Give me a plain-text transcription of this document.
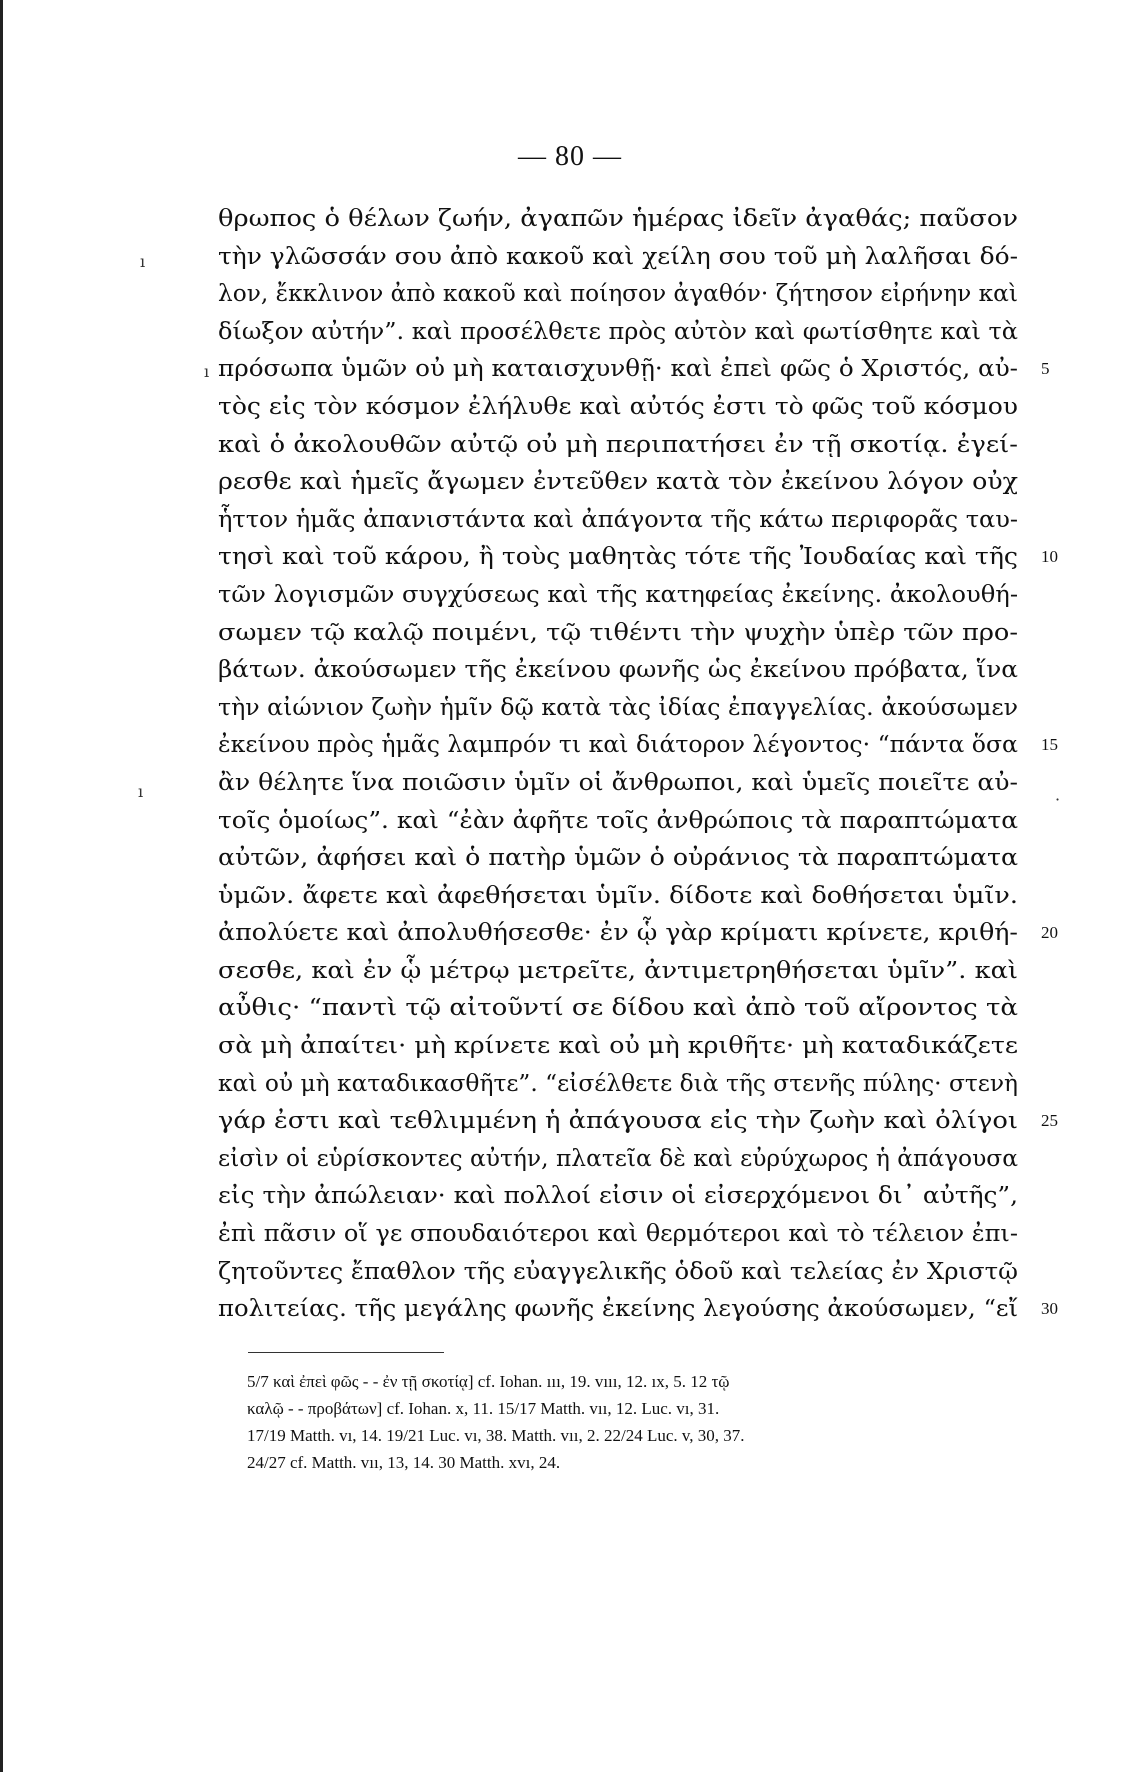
— 80 —
ı
ı
ı	·
θρωπος ὁ θέλων ζωήν, ἀγαπῶν ἡμέρας ἰδεῖν ἀγαθάς; παῦσον
τὴν γλῶσσάν σου ἀπὸ κακοῦ καὶ χείλη σου τοῦ μὴ λαλῆσαι δό-
λον, ἔκκλινον ἀπὸ κακοῦ καὶ ποίησον ἀγαθόν· ζήτησον εἰρήνην καὶ
δίωξον αὐτήν”. καὶ προσέλθετε πρὸς αὐτὸν καὶ φωτίσθητε καὶ τὰ
πρόσωπα ὑμῶν οὐ μὴ καταισχυνθῇ· καὶ ἐπεὶ φῶς ὁ Χριστός, αὐ- 5
τὸς εἰς τὸν κόσμον ἐλήλυθε καὶ αὐτός ἐστι τὸ φῶς τοῦ κόσμου
καὶ ὁ ἀκολουθῶν αὐτῷ οὐ μὴ περιπατήσει ἐν τῇ σκοτίᾳ. ἐγεί-
ρεσθε καὶ ἡμεῖς ἄγωμεν ἐντεῦθεν κατὰ τὸν ἐκείνου λόγον οὐχ
ἧττον ἡμᾶς ἀπανιστάντα καὶ ἀπάγοντα τῆς κάτω περιφορᾶς ταυ-
τησὶ καὶ τοῦ κάρου, ἢ τοὺς μαθητὰς τότε τῆς Ἰουδαίας καὶ τῆς 10
τῶν λογισμῶν συγχύσεως καὶ τῆς κατηφείας ἐκείνης. ἀκολουθή-
σωμεν τῷ καλῷ ποιμένι, τῷ τιθέντι τὴν ψυχὴν ὑπὲρ τῶν προ-
βάτων. ἀκούσωμεν τῆς ἐκείνου φωνῆς ὡς ἐκείνου πρόβατα, ἵνα
τὴν αἰώνιον ζωὴν ἡμῖν δῷ κατὰ τὰς ἰδίας ἐπαγγελίας. ἀκούσωμεν
ἐκείνου πρὸς ἡμᾶς λαμπρόν τι καὶ διάτορον λέγοντος· “πάντα ὅσα 15
ἂν θέλητε ἵνα ποιῶσιν ὑμῖν οἱ ἄνθρωποι, καὶ ὑμεῖς ποιεῖτε αὐ-
τοῖς ὁμοίως”. καὶ “ἐὰν ἀφῆτε τοῖς ἀνθρώποις τὰ παραπτώματα
αὐτῶν, ἀφήσει καὶ ὁ πατὴρ ὑμῶν ὁ οὐράνιος τὰ παραπτώματα
ὑμῶν. ἄφετε καὶ ἀφεθήσεται ὑμῖν. δίδοτε καὶ δοθήσεται ὑμῖν.
ἀπολύετε καὶ ἀπολυθήσεσθε· ἐν ᾧ γὰρ κρίματι κρίνετε, κριθή- 20
σεσθε, καὶ ἐν ᾧ μέτρῳ μετρεῖτε, ἀντιμετρηθήσεται ὑμῖν”. καὶ
αὖθις· “παντὶ τῷ αἰτοῦντί σε δίδου καὶ ἀπὸ τοῦ αἴροντος τὰ
σὰ μὴ ἀπαίτει· μὴ κρίνετε καὶ οὐ μὴ κριθῆτε· μὴ καταδικάζετε
καὶ οὐ μὴ καταδικασθῆτε”. “εἰσέλθετε διὰ τῆς στενῆς πύλης· στενὴ
γάρ ἐστι καὶ τεθλιμμένη ἡ ἀπάγουσα εἰς τὴν ζωὴν καὶ ὀλίγοι 25
εἰσὶν οἱ εὑρίσκοντες αὐτήν, πλατεῖα δὲ καὶ εὐρύχωρος ἡ ἀπάγουσα
εἰς τὴν ἀπώλειαν· καὶ πολλοί εἰσιν οἱ εἰσερχόμενοι δι᾽ αὐτῆς”,
ἐπὶ πᾶσιν οἵ γε σπουδαιότεροι καὶ θερμότεροι καὶ τὸ τέλειον ἐπι-
ζητοῦντες ἔπαθλον τῆς εὐαγγελικῆς ὁδοῦ καὶ τελείας ἐν Χριστῷ
πολιτείας. τῆς μεγάλης φωνῆς ἐκείνης λεγούσης ἀκούσωμεν, “εἴ 30
5/7 καὶ ἐπεὶ φῶς - - ἐν τῇ σκοτίᾳ] cf. Iohan. ııı, 19. vııı, 12. ıx, 5. 12 τῷ
καλῷ - - προβάτων] cf. Iohan. x, 11. 15/17 Matth. vıı, 12. Luc. vı, 31.
17/19 Matth. vı, 14. 19/21 Luc. vı, 38. Matth. vıı, 2. 22/24 Luc. v, 30, 37.
24/27 cf. Matth. vıı, 13, 14. 30 Matth. xvı, 24.
